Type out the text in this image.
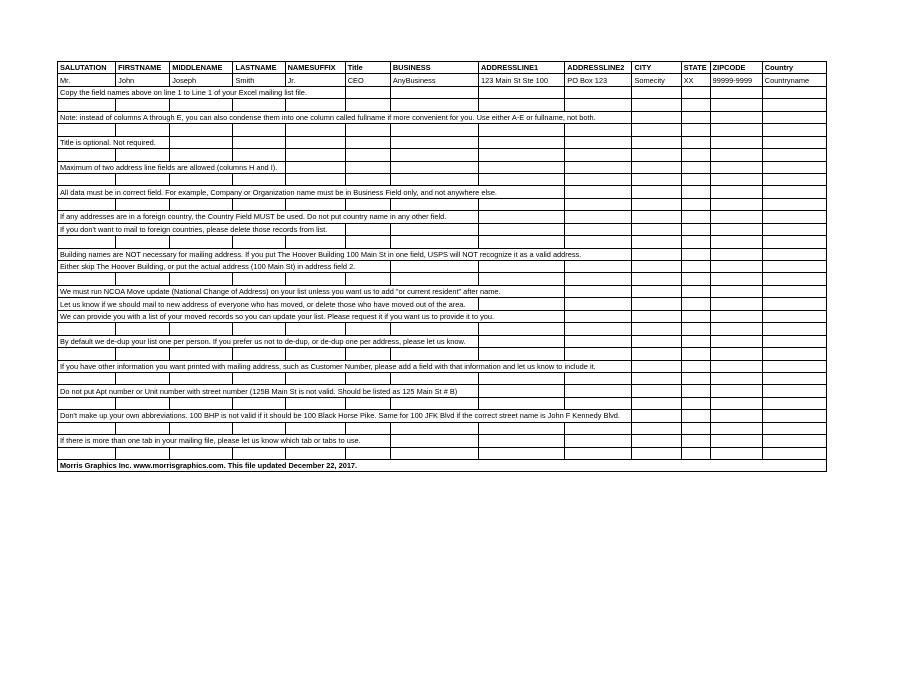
SALUTATION	FIRSTNAME	MIDDLENAME	LASTNAME	NAMESUFFIX	Title	BUSINESS	ADDRESSLINE1	ADDRESSLINE2	CITY	STATE	ZIPCODE	Country
Mr.	John	Joseph	Smith	Jr.	CEO	AnyBusiness	123 Main St Ste 100	PO Box 123	Somecity	XX	99999-9999	Countryname
Copy the field names above on line 1 to Line 1 of your Excel mailing list file.												

Note: instead of columns A through E, you can also condense them into one column called fullname if more convenient for you. Use either A-E or fullname, not both.												

Title is optional. Not required.												

Maximum of two address line fields are allowed (columns H and I).												

All data must be in correct field. For example, Company or Organization name must be in Business Field only, and not anywhere else.												

If any addresses are in a foreign country, the Country Field MUST be used. Do not put country name in any other field.												
If you don't want to mail to foreign countries, please delete those records from list.												

Building names are NOT necessary for mailing address. If you put The Hoover Building 100 Main St in one field, USPS will NOT recognize it as a valid address.												
Either skip The Hoover Building, or put the actual address (100 Main St) in address field 2.												

We must run NCOA Move update (National Change of Address) on your list unless you want us to add "or current resident" after name.												
Let us know if we should mail to new address of everyone who has moved, or delete those who have moved out of the area.												
We can provide you with a list of your moved records so you can update your list. Please request it if you want us to provide it to you.												

By default we de-dup your list one per person. If you prefer us not to de-dup, or de-dup one per address, please let us know.												

If you have other information you want printed with mailing address, such as Customer Number, please add a field with that information and let us know to include it.												

Do not put Apt number or Unit number with street number (125B Main St is not valid. Should be listed as 125 Main St # B)												

Don't make up your own abbreviations. 100 BHP is not valid if it should be 100 Black Horse Pike. Same for 100 JFK Blvd if the correct street name is John F Kennedy Blvd.												

If there is more than one tab in your mailing file, please let us know which tab or tabs to use.												

Morris Graphics Inc. www.morrisgraphics.com. This file updated December 22, 2017.												
